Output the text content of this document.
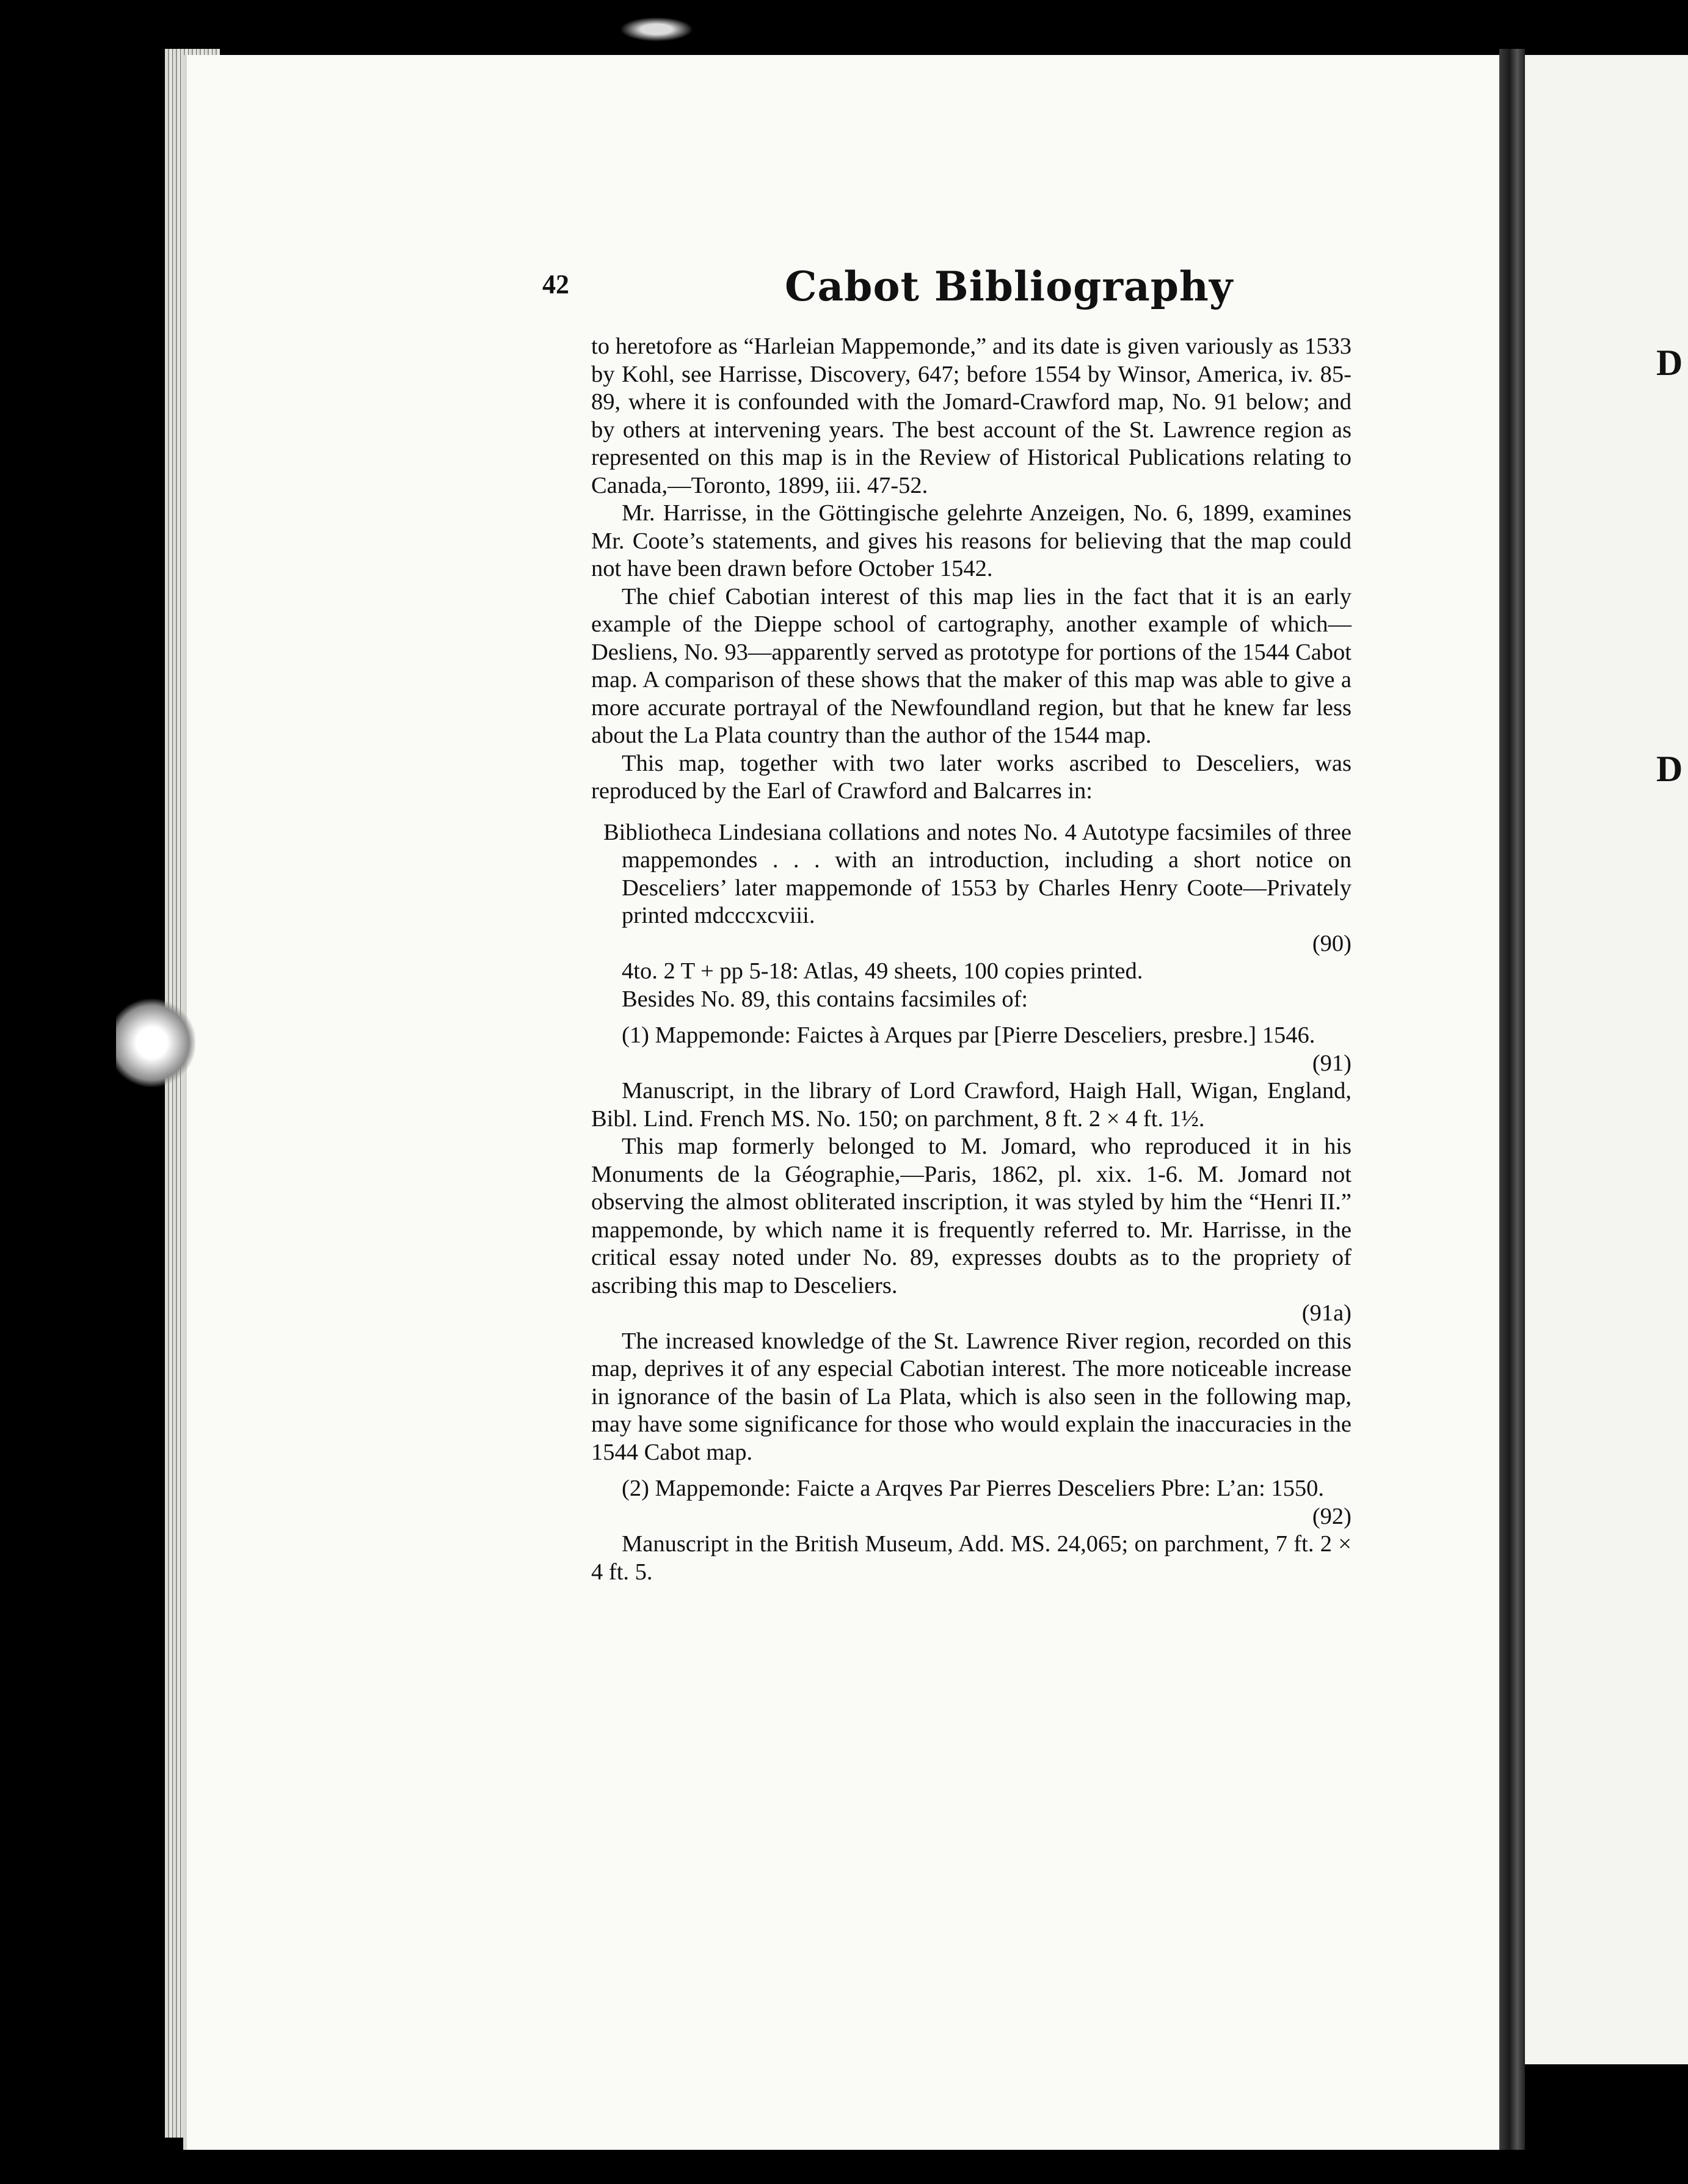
D
D
42	Cabot Bibliography

to heretofore as “Harleian Mappemonde,” and its date is given variously as 1533 by Kohl, see Harrisse, Discovery, 647; before 1554 by Winsor, America, iv. 85-89, where it is confounded with the Jomard-Crawford map, No. 91 below; and by others at intervening years. The best account of the St. Lawrence region as represented on this map is in the Review of Historical Publications relating to Canada,—Toronto, 1899, iii. 47-52.

Mr. Harrisse, in the Göttingische gelehrte Anzeigen, No. 6, 1899, examines Mr. Coote’s statements, and gives his reasons for believing that the map could not have been drawn before October 1542.

The chief Cabotian interest of this map lies in the fact that it is an early example of the Dieppe school of cartography, another example of which—Desliens, No. 93—apparently served as prototype for portions of the 1544 Cabot map. A comparison of these shows that the maker of this map was able to give a more accurate portrayal of the Newfoundland region, but that he knew far less about the La Plata country than the author of the 1544 map.

This map, together with two later works ascribed to Desceliers, was reproduced by the Earl of Crawford and Balcarres in:

Bibliotheca Lindesiana collations and notes No. 4 Autotype facsimiles of three mappemondes . . . with an introduction, including a short notice on Desceliers’ later mappemonde of 1553 by Charles Henry Coote—Privately printed mdcccxcviii.

(90)

4to. 2 T + pp 5-18: Atlas, 49 sheets, 100 copies printed.

Besides No. 89, this contains facsimiles of:

(1) Mappemonde: Faictes à Arques par [Pierre Desceliers, presbre.] 1546.

(91)

Manuscript, in the library of Lord Crawford, Haigh Hall, Wigan, England, Bibl. Lind. French MS. No. 150; on parchment, 8 ft. 2 × 4 ft. 1½.

This map formerly belonged to M. Jomard, who reproduced it in his Monuments de la Géographie,—Paris, 1862, pl. xix. 1-6. M. Jomard not observing the almost obliterated inscription, it was styled by him the “Henri II.” mappemonde, by which name it is frequently referred to. Mr. Harrisse, in the critical essay noted under No. 89, expresses doubts as to the propriety of ascribing this map to Desceliers.

(91a)

The increased knowledge of the St. Lawrence River region, recorded on this map, deprives it of any especial Cabotian interest. The more noticeable increase in ignorance of the basin of La Plata, which is also seen in the following map, may have some significance for those who would explain the inaccuracies in the 1544 Cabot map.

(2) Mappemonde: Faicte a Arqves Par Pierres Desceliers Pbre: L’an: 1550.

(92)

Manuscript in the British Museum, Add. MS. 24,065; on parchment, 7 ft. 2 × 4 ft. 5.
